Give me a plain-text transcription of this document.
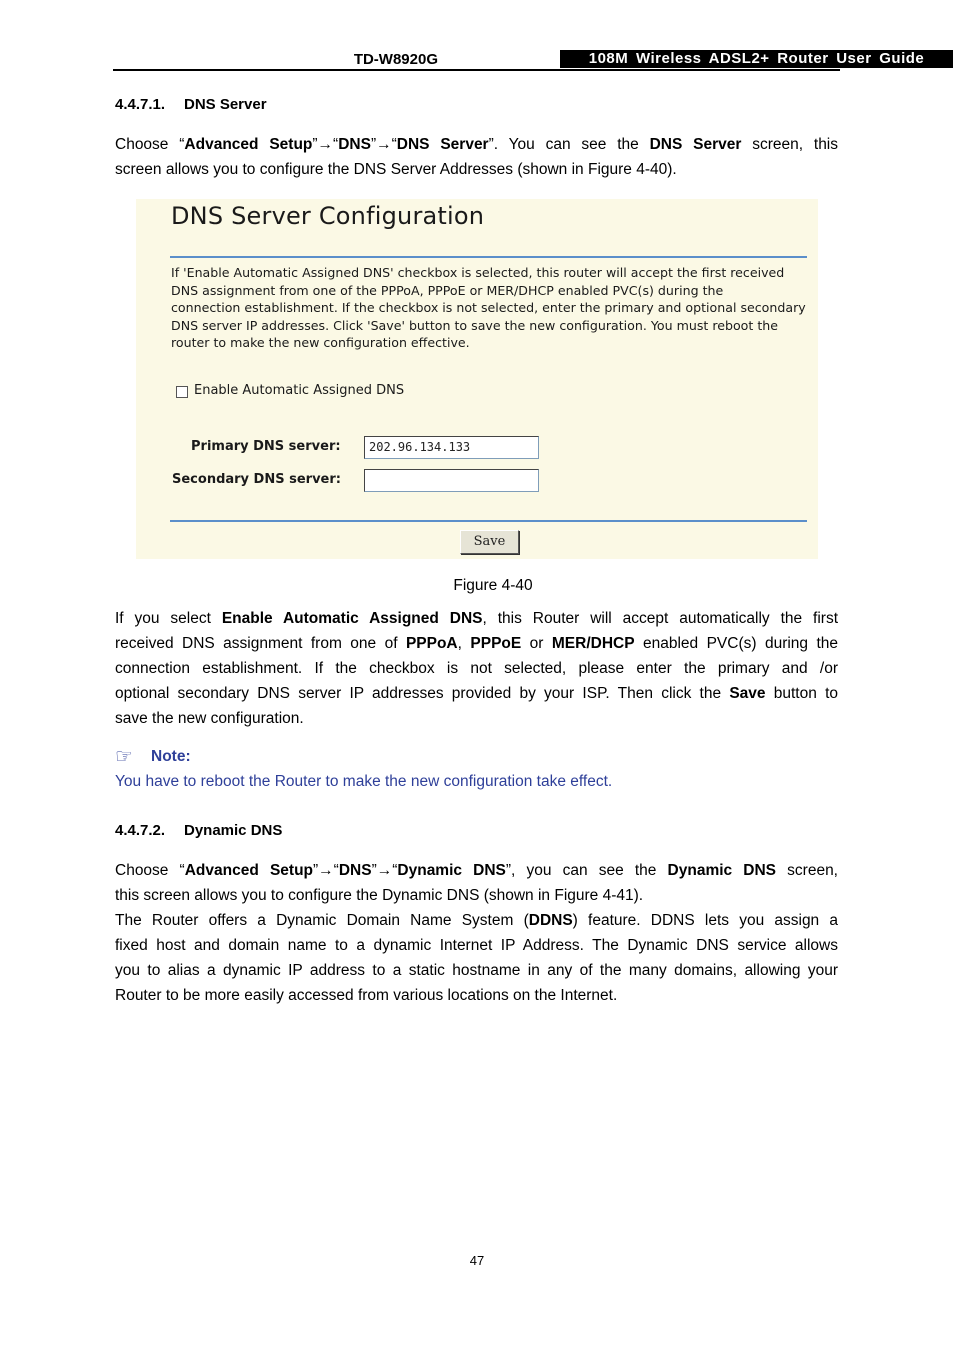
TD-W8920G	108M Wireless ADSL2+ Router User Guide
4.4.7.1. DNS Server
Choose “Advanced Setup”→“DNS”→“DNS Server”. You can see the DNS Server screen, this
screen allows you to configure the DNS Server Addresses (shown in Figure 4-40).
DNS Server Configuration
If 'Enable Automatic Assigned DNS' checkbox is selected, this router will accept the first received
DNS assignment from one of the PPPoA, PPPoE or MER/DHCP enabled PVC(s) during the
connection establishment. If the checkbox is not selected, enter the primary and optional secondary
DNS server IP addresses. Click 'Save' button to save the new configuration. You must reboot the
router to make the new configuration effective.
Enable Automatic Assigned DNS
Primary DNS server:	202.96.134.133
Secondary DNS server:
Save
Figure 4-40
If you select Enable Automatic Assigned DNS, this Router will accept automatically the first
received DNS assignment from one of PPPoA, PPPoE or MER/DHCP enabled PVC(s) during the
connection establishment. If the checkbox is not selected, please enter the primary and /or
optional secondary DNS server IP addresses provided by your ISP. Then click the Save button to
save the new configuration.
☞ Note:
You have to reboot the Router to make the new configuration take effect.
4.4.7.2. Dynamic DNS
Choose “Advanced Setup”→“DNS”→“Dynamic DNS”, you can see the Dynamic DNS screen,
this screen allows you to configure the Dynamic DNS (shown in Figure 4-41).
The Router offers a Dynamic Domain Name System (DDNS) feature. DDNS lets you assign a
fixed host and domain name to a dynamic Internet IP Address. The Dynamic DNS service allows
you to alias a dynamic IP address to a static hostname in any of the many domains, allowing your
Router to be more easily accessed from various locations on the Internet.
47
